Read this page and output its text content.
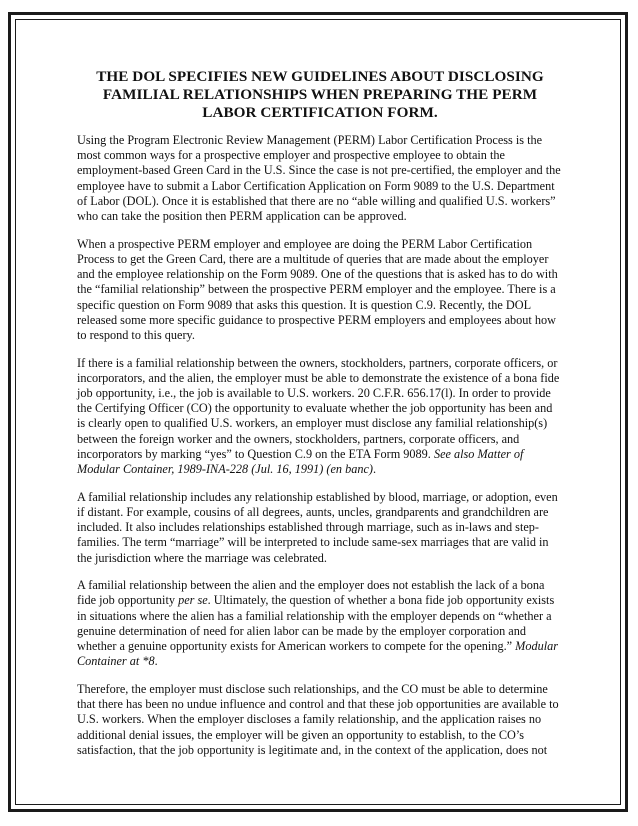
THE DOL SPECIFIES NEW GUIDELINES ABOUT DISCLOSING FAMILIAL RELATIONSHIPS WHEN PREPARING THE PERM LABOR CERTIFICATION FORM.

Using the Program Electronic Review Management (PERM) Labor Certification Process is the most common ways for a prospective employer and prospective employee to obtain the employment-based Green Card in the U.S. Since the case is not pre-certified, the employer and the employee have to submit a Labor Certification Application on Form 9089 to the U.S. Department of Labor (DOL). Once it is established that there are no “able willing and qualified U.S. workers” who can take the position then PERM application can be approved.

When a prospective PERM employer and employee are doing the PERM Labor Certification Process to get the Green Card, there are a multitude of queries that are made about the employer and the employee relationship on the Form 9089. One of the questions that is asked has to do with the “familial relationship” between the prospective PERM employer and the employee. There is a specific question on Form 9089 that asks this question. It is question C.9. Recently, the DOL released some more specific guidance to prospective PERM employers and employees about how to respond to this query.

If there is a familial relationship between the owners, stockholders, partners, corporate officers, or incorporators, and the alien, the employer must be able to demonstrate the existence of a bona fide job opportunity, i.e., the job is available to U.S. workers. 20 C.F.R. 656.17(l). In order to provide the Certifying Officer (CO) the opportunity to evaluate whether the job opportunity has been and is clearly open to qualified U.S. workers, an employer must disclose any familial relationship(s) between the foreign worker and the owners, stockholders, partners, corporate officers, and incorporators by marking “yes” to Question C.9 on the ETA Form 9089. See also Matter of Modular Container, 1989-INA-228 (Jul. 16, 1991) (en banc).

A familial relationship includes any relationship established by blood, marriage, or adoption, even if distant. For example, cousins of all degrees, aunts, uncles, grandparents and grandchildren are included. It also includes relationships established through marriage, such as in-laws and step-families. The term “marriage” will be interpreted to include same-sex marriages that are valid in the jurisdiction where the marriage was celebrated.

A familial relationship between the alien and the employer does not establish the lack of a bona fide job opportunity per se. Ultimately, the question of whether a bona fide job opportunity exists in situations where the alien has a familial relationship with the employer depends on “whether a genuine determination of need for alien labor can be made by the employer corporation and whether a genuine opportunity exists for American workers to compete for the opening.” Modular Container at *8.

Therefore, the employer must disclose such relationships, and the CO must be able to determine that there has been no undue influence and control and that these job opportunities are available to U.S. workers. When the employer discloses a family relationship, and the application raises no additional denial issues, the employer will be given an opportunity to establish, to the CO’s satisfaction, that the job opportunity is legitimate and, in the context of the application, does not
